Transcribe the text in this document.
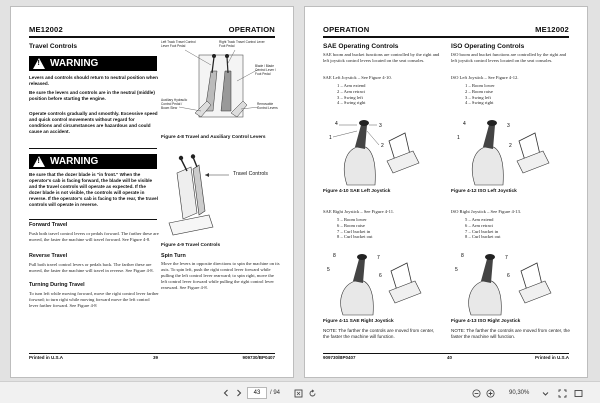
ME12002	OPERATION
Travel Controls
!
WARNING
Levers and controls should return to neutral position when released.
Be sure the levers and controls are in the neutral (middle) position before starting the engine.
Operate controls gradually and smoothly. Excessive speed and quick control movements without regard for conditions and circumstances are hazardous and could cause an accident.
!
WARNING
Be sure that the dozer blade is "in front." When the operator's cab is facing forward, the blade will be visible and the travel controls will operate as expected. If the dozer blade is not visible, the controls will operate in reverse. If the operator's cab is facing to the rear, the travel controls will operate in reverse.
Forward Travel
Push both travel control levers or pedals forward. The farther these are moved, the faster the machine will travel forward. See Figure 4-8.
Reverse Travel
Pull both travel control levers or pedals back. The farther these are moved, the faster the machine will travel in reverse. See Figure 4-8.
Turning During Travel
To turn left while moving forward, move the right control lever farther forward; to turn right while moving forward move the left control lever farther forward. See Figure 4-8
Left Track Travel Control Lever Foot Pedal
Right Track Travel Control Lever Foot Pedal
Blade / Blade Control Lever / Foot Pedal
Auxiliary Hydraulic Control Pedal / Boom Slew
Removable Control Levers
Figure 4-8 Travel and Auxiliary Control Levers
Travel Controls
Figure 4-9 Travel Controls
Spin Turn
Move the levers in opposite directions to spin the machine on its axis. To spin left, push the right control lever forward while pulling the left control lever rearward; to spin right, move the left control lever forward while pulling the right control lever rearward. See Figure 4-8.
Printed in U.S.A	39	909730/BP0407
OPERATION	ME12002
SAE Operating Controls
SAE boom and bucket functions are controlled by the right and left joystick control levers located on the seat consoles.
SAE Left Joystick – See Figure 4-10.
1 – Arm extend
2 – Arm retract
3 – Swing left
4 – Swing right
4
1
3
2
Figure 4-10 SAE Left Joystick
SAE Right Joystick – See Figure 4-11.
5 – Boom lower
6 – Boom raise
7 – Curl bucket in
8 – Curl bucket out
8
5
7
6
Figure 4-11 SAE Right Joystick
NOTE: The farther the controls are moved from center, the faster the machine will function.
ISO Operating Controls
ISO boom and bucket functions are controlled by the right and left joystick control levers located on the seat consoles.
ISO Left Joystick – See Figure 4-12.
1 – Boom lower
2 – Boom raise
3 – Swing left
4 – Swing right
4
1
3
2
Figure 4-12 ISO Left Joystick
ISO Right Joystick – See Figure 4-13.
5 – Arm extend
6 – Arm retract
7 – Curl bucket in
8 – Curl bucket out
8
5
7
6
Figure 4-13 ISO Right Joystick
NOTE: The farther the controls are moved from center, the faster the machine will function.
909730/BP0407	40	Printed in U.S.A
43	/ 94	90,30%
